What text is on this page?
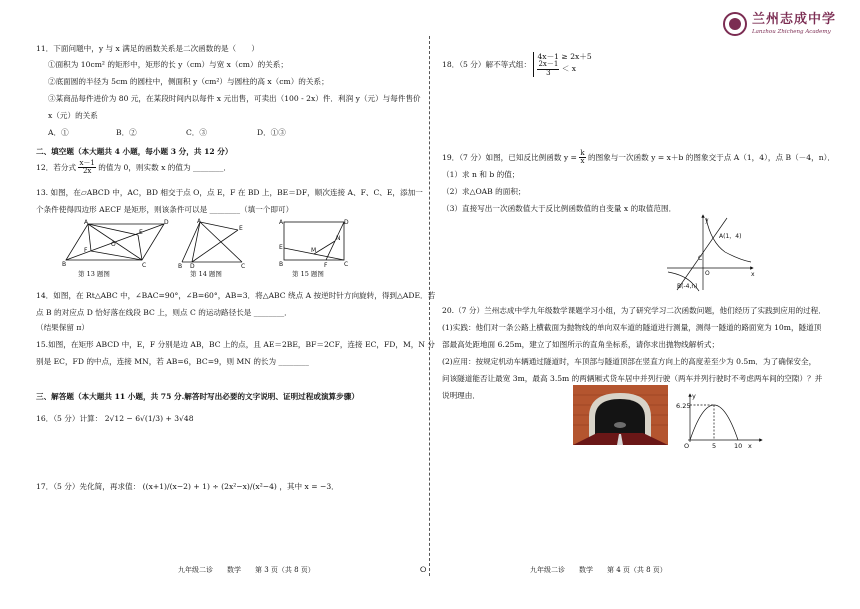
兰州志成中学
Lanzhou Zhicheng Academy
11．下面问题中，y 与 x 满足的函数关系是二次函数的是（　　）
①面积为 10cm² 的矩形中，矩形的长 y（cm）与宽 x（cm）的关系；
②底面圆的半径为 5cm 的圆柱中，侧面积 y（cm²）与圆柱的高 x（cm）的关系；
③某商品每件进价为 80 元，在某段时间内以每件 x 元出售，可卖出（100 - 2x）件．利润 y（元）与每件售价
x（元）的关系
A．①	B．②	C．③	D．①③
二、填空题（本大题共 4 小题，每小题 3 分，共 12 分）
12．若分式 $\frac{x-1}{2x}$ 的值为 0，则实数 x 的值为 ________．
13. 如图，在▱ABCD 中，AC，BD 相交于点 O，点 E，F 在 BD 上，BE＝DF，顺次连接 A、F、C、E，添加一
个条件使得四边形 AECF 是矩形，则该条件可以是 ________（填一个即可）
A	D
B	C
O
E
F
第 13 题图
A
B	C
D
E
第 14 题图
A	D
B	C
E
F
M
N
第 15 题图
14．如图，在 Rt△ABC 中，∠BAC=90°，∠B=60°，AB=3．将△ABC 绕点 A 按逆时针方向旋转，得到△ADE．若
点 B 的对应点 D 恰好落在线段 BC 上，则点 C 的运动路径长是 ________．
（结果保留 π）
15.如图，在矩形 ABCD 中，E，F 分别是边 AB，BC 上的点，且 AE＝2BE，BF＝2CF，连接 EC，FD，M，N 分
别是 EC，FD 的中点，连接 MN，若 AB=6，BC=9，则 MN 的长为 ________
三、解答题（本大题共 11 小题，共 75 分.解答时写出必要的文字说明、证明过程或演算步骤）
16．（5 分）计算： 2√12 − 6√(1/3) + 3√48
17．（5 分）先化简，再求值： ((x+1)/(x−2) + 1) ÷ (2x²−x)/(x²−4) ，其中 x = −3．
18．（5 分）解不等式组：
4x－1 ≥ 2x＋5
$\frac{2x-1}{3} < x$
19．（7 分）如图，已知反比例函数 $y = \frac{k}{x}$ 的图象与一次函数 y = x＋b 的图象交于点 A（1，4），点 B（－4，n）．
（1）求 n 和 b 的值；
（2）求△OAB 的面积；
（3）直接写出一次函数值大于反比例函数值的自变量 x 的取值范围．
y
x
A(1，4)
C
O
B(-4,n)
20.（7 分）兰州志成中学九年级数学课题学习小组，为了研究学习二次函数问题，他们经历了实践到应用的过程．
(1)实践：他们对一条公路上横截面为抛物线的单向双车道的隧道进行测量，测得一隧道的路面宽为 10m，隧道顶
部最高处距地面 6.25m，建立了如图所示的直角坐标系，请你求出抛物线解析式；
(2)应用：按规定机动车辆通过隧道时，车顶部与隧道顶部在竖直方向上的高度差至少为 0.5m．为了确保安全，
问该隧道能否让最宽 3m，最高 3.5m 的两辆厢式货车居中并列行驶（两车并列行驶时不考虑两车间的空隙）？并
说明理由．
6.25
y
O	5	10 x
九年级二诊　　数学　　第 3 页（共 8 页）	⭘	九年级二诊　　数学　　第 4 页（共 8 页）
